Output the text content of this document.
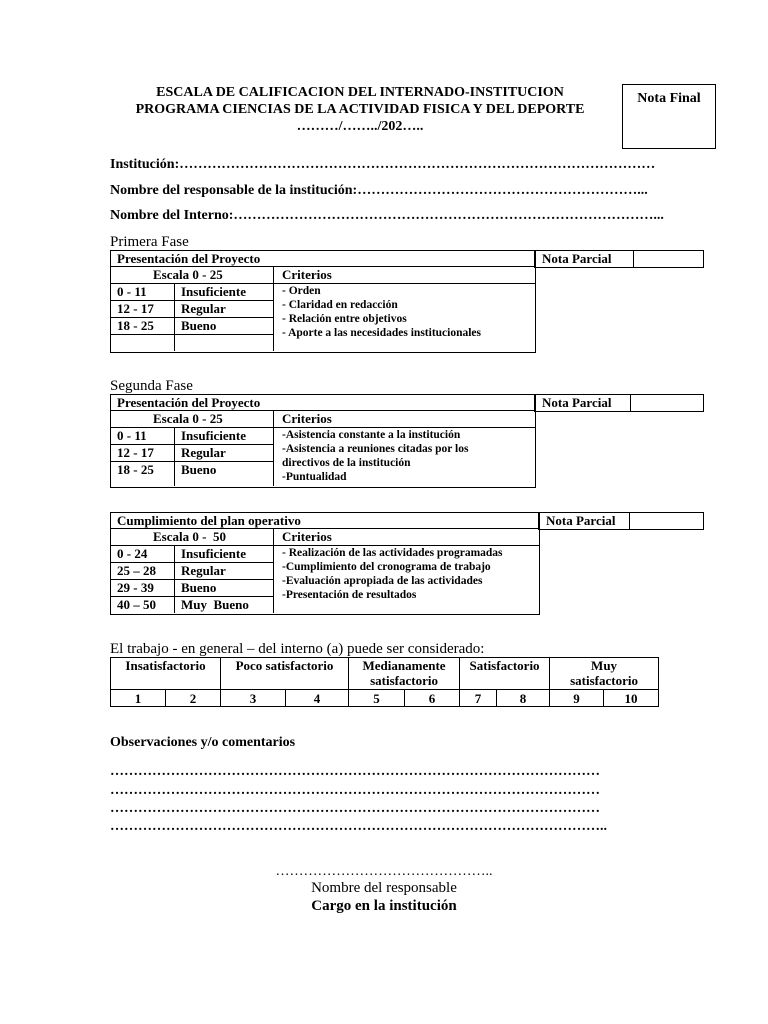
ESCALA DE CALIFICACION DEL INTERNADO-INSTITUCION
PROGRAMA CIENCIAS DE LA ACTIVIDAD FISICA Y DEL DEPORTE
………/……../202…..
Nota Final
Institución:…………………………………………………………………………………………
Nombre del responsable de la institución:……………………………………………………...
Nombre del Interno:………………………………………………………………………………...
Primera Fase
Presentación del Proyecto
Escala 0 - 25	Criterios
0 - 11	Insuficiente
12 - 17 Regular
18 - 25 Bueno
- Orden
- Claridad en redacción
- Relación entre objetivos
- Aporte a las necesidades institucionales
Nota Parcial
Segunda Fase
Presentación del Proyecto
Escala 0 - 25	Criterios
0 - 11	Insuficiente
12 - 17 Regular
18 - 25 Bueno
-Asistencia constante a la institución
-Asistencia a reuniones citadas por los
directivos de la institución
-Puntualidad
Nota Parcial
Cumplimiento del plan operativo
Escala 0 -  50	Criterios
0 - 24	Insuficiente
25 – 28 Regular
29 - 39 Bueno
40 – 50 Muy  Bueno
- Realización de las actividades programadas
-Cumplimiento del cronograma de trabajo
-Evaluación apropiada de las actividades
-Presentación de resultados
Nota Parcial
El trabajo - en general – del interno (a) puede ser considerado:
Insatisfactorio		Poco satisfactorio		Medianamente satisfactorio		Satisfactorio		Muy satisfactorio	
1	2	3	4	5	6	7	8	9	10
Observaciones y/o comentarios
……………………………………………………………………………………………
……………………………………………………………………………………………
……………………………………………………………………………………………
……………………………………………………………………………………………..
………………………………………..
Nombre del responsable
Cargo en la institución
